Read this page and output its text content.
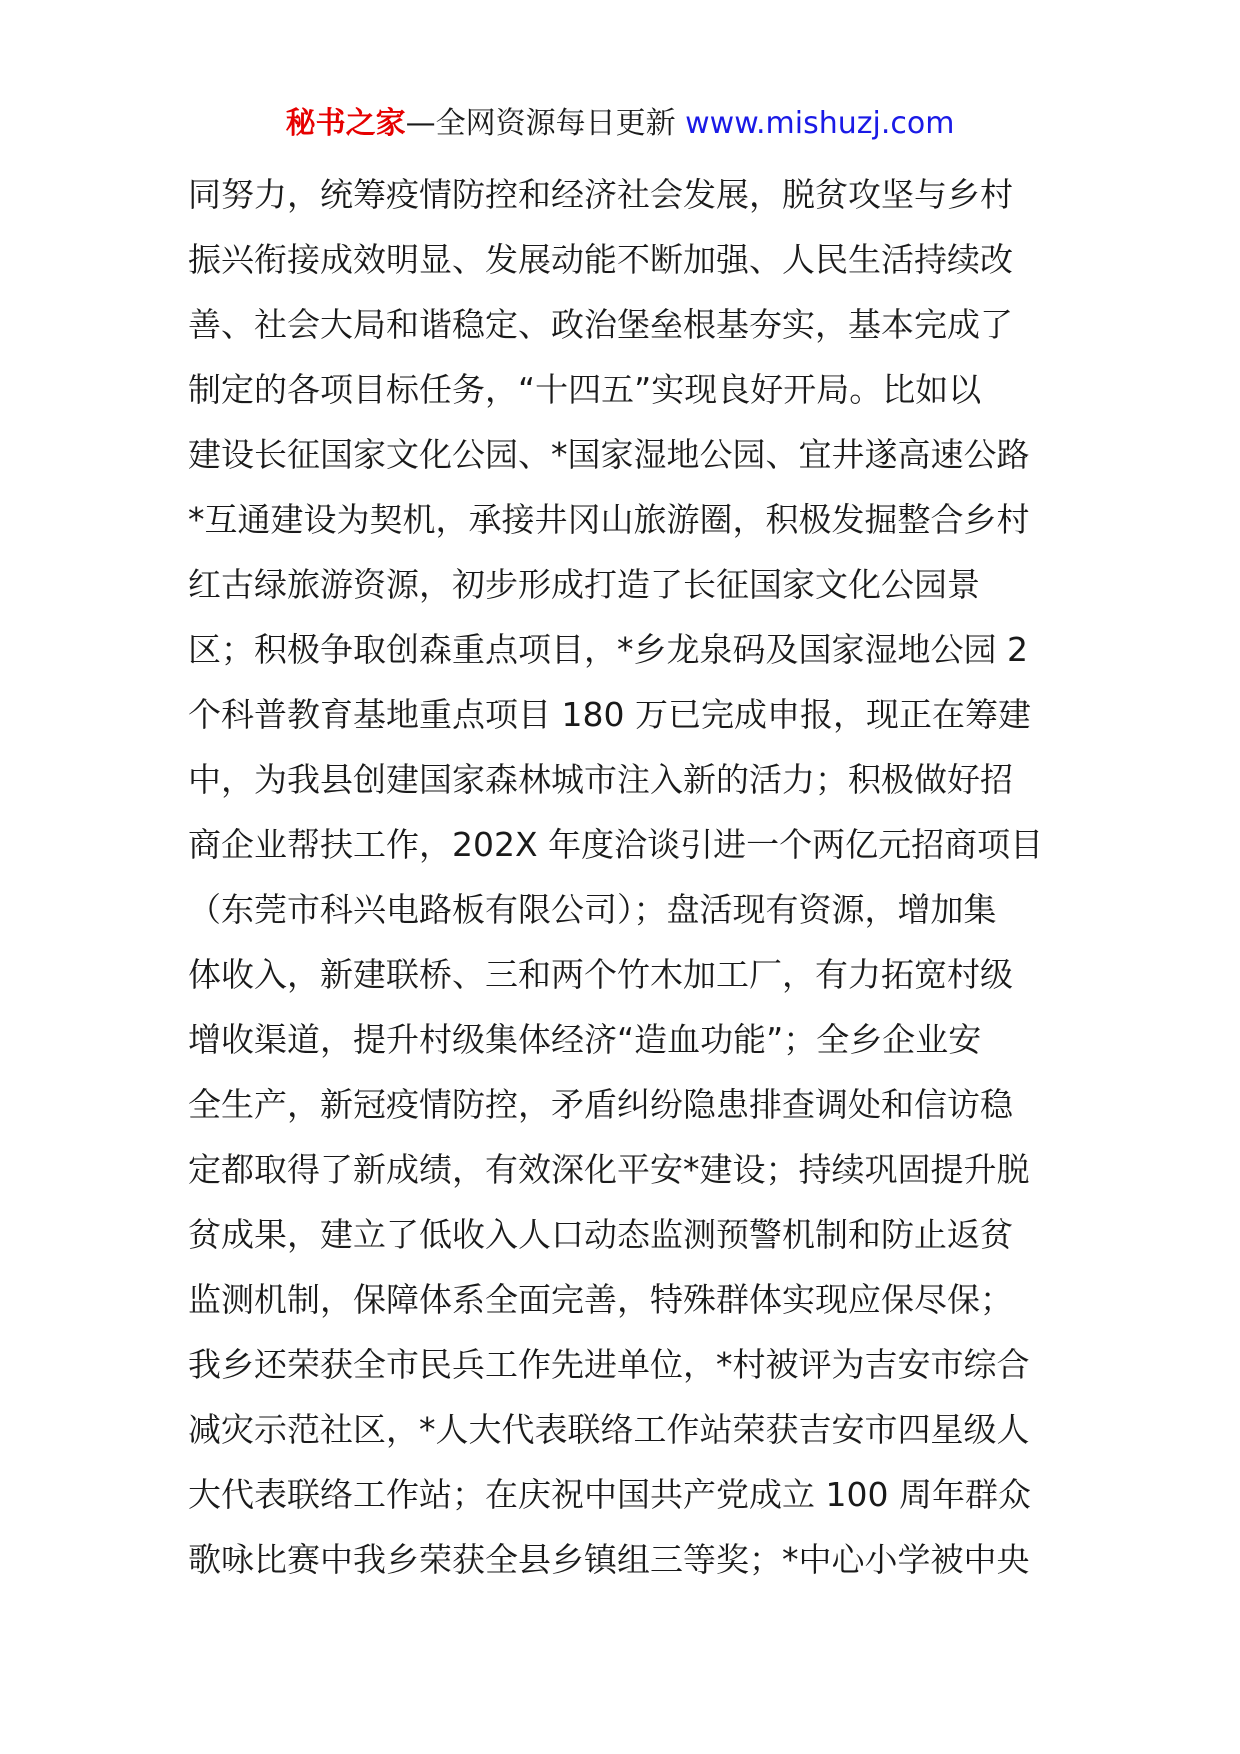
秘书之家—全网资源每日更新 www.mishuzj.com
同努力，统筹疫情防控和经济社会发展，脱贫攻坚与乡村
振兴衔接成效明显、发展动能不断加强、人民生活持续改
善、社会大局和谐稳定、政治堡垒根基夯实，基本完成了
制定的各项目标任务，“十四五”实现良好开局。比如以
建设长征国家文化公园、*国家湿地公园、宜井遂高速公路
*互通建设为契机，承接井冈山旅游圈，积极发掘整合乡村
红古绿旅游资源，初步形成打造了长征国家文化公园景
区；积极争取创森重点项目，*乡龙泉码及国家湿地公园 2
个科普教育基地重点项目 180 万已完成申报，现正在筹建
中，为我县创建国家森林城市注入新的活力；积极做好招
商企业帮扶工作，202X 年度洽谈引进一个两亿元招商项目
（东莞市科兴电路板有限公司）；盘活现有资源，增加集
体收入，新建联桥、三和两个竹木加工厂，有力拓宽村级
增收渠道，提升村级集体经济“造血功能”；全乡企业安
全生产，新冠疫情防控，矛盾纠纷隐患排查调处和信访稳
定都取得了新成绩，有效深化平安*建设；持续巩固提升脱
贫成果，建立了低收入人口动态监测预警机制和防止返贫
监测机制，保障体系全面完善，特殊群体实现应保尽保；
我乡还荣获全市民兵工作先进单位，*村被评为吉安市综合
减灾示范社区，*人大代表联络工作站荣获吉安市四星级人
大代表联络工作站；在庆祝中国共产党成立 100 周年群众
歌咏比赛中我乡荣获全县乡镇组三等奖；*中心小学被中央
